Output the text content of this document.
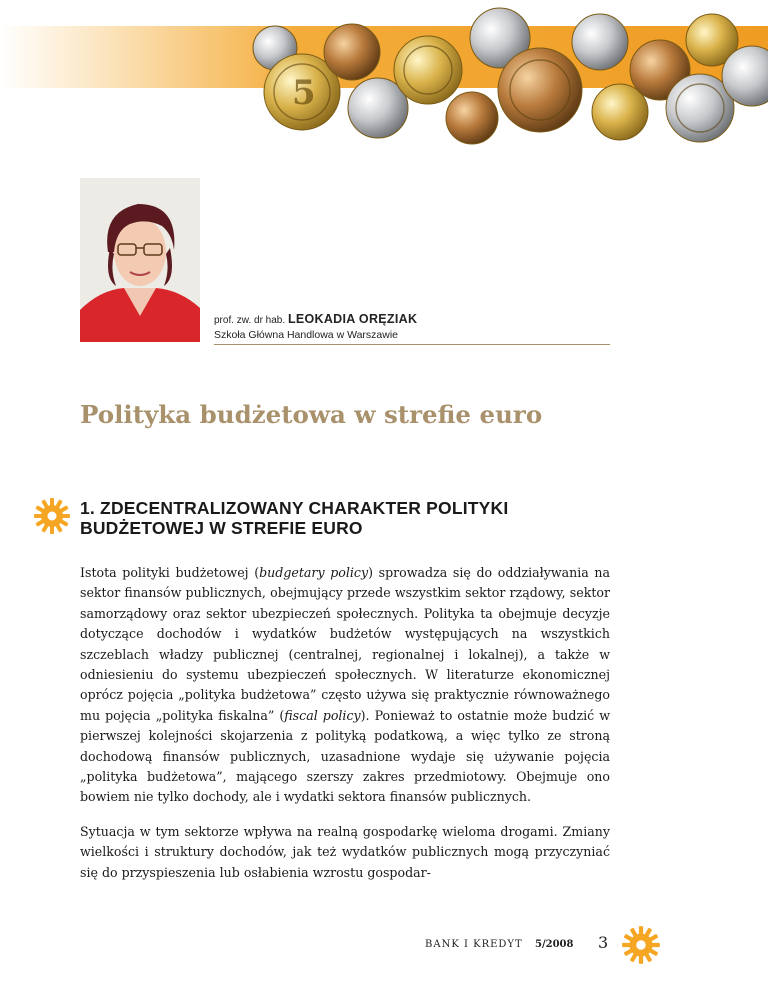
5
prof. zw. dr hab. LEOKADIA ORĘZIAK
Szkoła Główna Handlowa w Warszawie
Polityka budżetowa w strefie euro
1. ZDECENTRALIZOWANY CHARAKTER POLITYKI BUDŻETOWEJ W STREFIE EURO

Istota polityki budżetowej (budgetary policy) sprowadza się do oddziaływania na sektor finansów publicznych, obejmujący przede wszystkim sektor rządowy, sektor samorządowy oraz sektor ubezpieczeń społecznych. Polityka ta obejmuje decyzje dotyczące dochodów i wydatków budżetów występujących na wszystkich szczeblach władzy publicznej (centralnej, regionalnej i lokalnej), a także w odniesieniu do systemu ubezpieczeń społecznych. W literaturze ekonomicznej oprócz pojęcia „polityka budżetowa” często używa się praktycznie równoważnego mu pojęcia „polityka fiskalna” (fiscal policy). Ponieważ to ostatnie może budzić w pierwszej kolejności skojarzenia z polityką podatkową, a więc tylko ze stroną dochodową finansów publicznych, uzasadnione wydaje się używanie pojęcia „polityka budżetowa”, mającego szerszy zakres przedmiotowy. Obejmuje ono bowiem nie tylko dochody, ale i wydatki sektora finansów publicznych.

Sytuacja w tym sektorze wpływa na realną gospodarkę wieloma drogami. Zmiany wielkości i struktury dochodów, jak też wydatków publicznych mogą przyczyniać się do przyspieszenia lub osłabienia wzrostu gospodar-

BANK I KREDYT	5/2008	3
